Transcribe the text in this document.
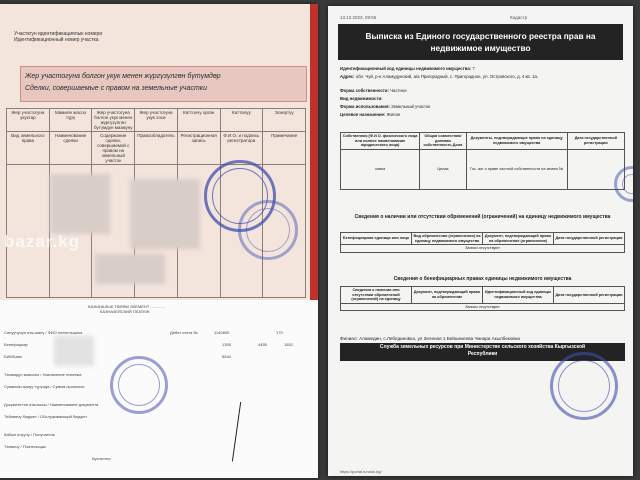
Участкгун идентификациялык номери
Идентификационный номер участка
Жер участогуна болгон укук менен жүргүзүлгөн бүтүмдөр
Сделки, совершаемые с правом на земельные участки
Жер участогуна укуктар	Мамиле жасоо түрү	Жер участогуна болгон укук менен жүргүзүлгөн бүтүмдүн мазмуну	Жер участогуна укук ээси	Каттоочу орган	Катталуу	Эскертүү
Вид земельного права	Наименование сделки	Содержание сделки, совершаемой с правом на земельный участок	Правообладатель	Регистрационная запись	Ф.И.О. и подпись регистратора	Примечание

bazar.kg
КАЗЫНАЛЫК ТӨЛӨМ ЭЛЕМЕНТ .............
КАЗНАЧЕЙСКИЙ ПЛАТЕЖ
Салуучунун аты-жөнү / ФИО плательщика
Бенефициар
БИК/Банк
Төлөмдүн максаты / Назначение платежа
Сумманы жазуу түрүндө / Сумма прописью
Документтин аталышы / Наименование документа
Тейлөөчү бюджет / Обслуживающий бюджет
Кабыл алуучу / Получатель
Төлөөчү / Плательщик
Бухгалтер
Дебет счета №	1140800	170
1355	4455	1552
5544
13.12.2023, 09:55	Кадастр
Выписка из Единого государственного реестра прав на
недвижимое имущество
Идентификационный код единицы недвижимого имущества: 7
Адрес: обл. Чуй, р-н Аламудунский, а/а Пригородный, с. Пригородное, ул. Островского, д. 4 кв. 1а.
Форма собственности: Частное
Вид недвижимости:
Форма использования: Земельный участок
Целевое назначение: Жилое
Собственник (Ф.И.О. физического лица или полное наименование юридического лица)	Общая совместная/ долевая собственность Доля	Документы, подтверждающие право на единицу недвижимого имущества	Дата государственной регистрации
ковна	Целая	Гос. акт о праве частной собственности на землю №	
Сведения о наличии или отсутствии обременений (ограничений) на единицу недвижимого имущества
Бенефициарная единица или лицо	Вид обременения (ограничения) на единицу недвижимого имущества	Документ, подтверждающий право на обременение (ограничение)	Дата государственной регистрации
Записи отсутствуют
Сведения о бенефициарных правах единицы недвижимого имущества
Сведения о наличии или отсутствии обременений (ограничений) на единицу	Документ, подтверждающий право на обременение	Идентификационный код единицы недвижимого имущества	Дата государственной регистрации
Записи отсутствуют
Филиал: Аламедин, с.Лебединовка, ул Зеленая 1 Бейшекеева Чинара Акылбековна
Служба земельных ресурсов при Министерстве сельского хозяйства Кыргызской
Республики
https://portal.tunduk.kg/
